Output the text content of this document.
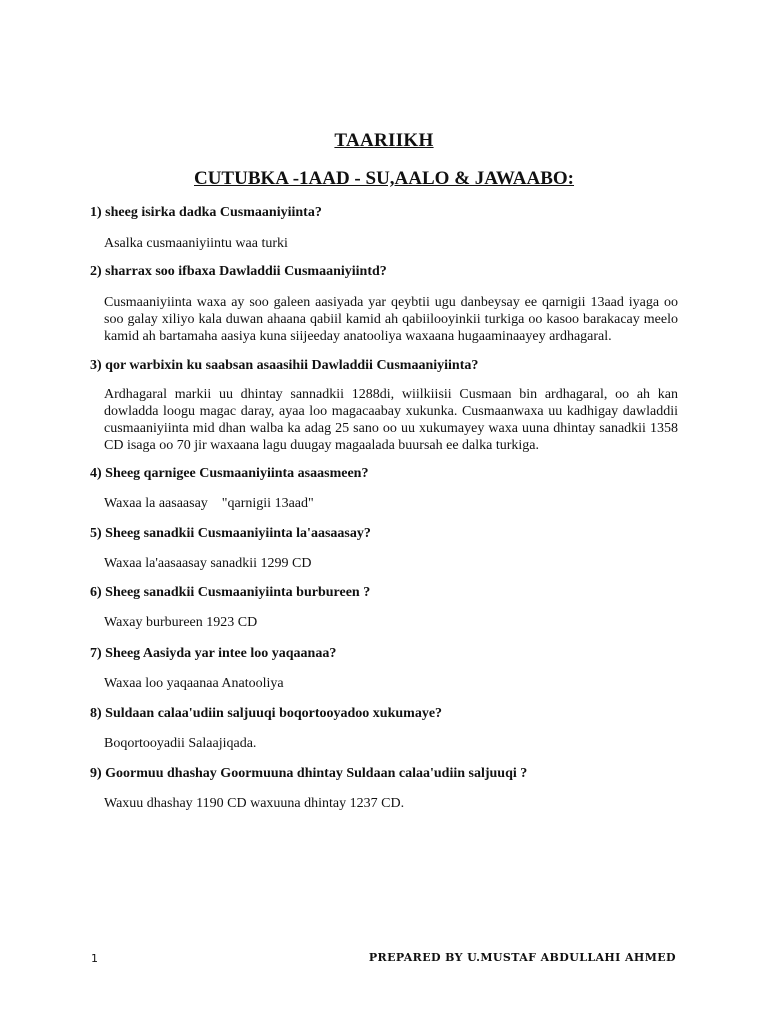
TAARIIKH
CUTUBKA -1AAD - SU,AALO & JAWAABO:

1) sheeg isirka dadka Cusmaaniyiinta?

Asalka cusmaaniyiintu waa turki

2) sharrax soo ifbaxa Dawladdii Cusmaaniyiintd?

Cusmaaniyiinta waxa ay soo galeen aasiyada yar qeybtii ugu danbeysay ee qarnigii 13aad iyaga oo soo galay xiliyo kala duwan ahaana qabiil kamid ah qabiilooyinkii turkiga oo kasoo barakacay meelo kamid ah bartamaha aasiya kuna siijeeday anatooliya waxaana hugaaminaayey ardhagaral.

3) qor warbixin ku saabsan asaasihii Dawladdii Cusmaaniyiinta?

Ardhagaral markii uu dhintay sannadkii 1288di, wiilkiisii Cusmaan bin ardhagaral, oo ah kan dowladda loogu magac daray, ayaa loo magacaabay xukunka. Cusmaanwaxa uu kadhigay dawladdii cusmaaniyiinta mid dhan walba ka adag 25 sano oo uu xukumayey waxa uuna dhintay sanadkii 1358 CD isaga oo 70 jir waxaana lagu duugay magaalada buursah ee dalka turkiga.

4) Sheeg qarnigee Cusmaaniyiinta asaasmeen?

Waxaa la aasaasay    "qarnigii 13aad"

5) Sheeg sanadkii Cusmaaniyiinta la'aasaasay?

Waxaa la'aasaasay sanadkii 1299 CD

6) Sheeg sanadkii Cusmaaniyiinta burbureen ?

Waxay burbureen 1923 CD

7) Sheeg Aasiyda yar intee loo yaqaanaa?

Waxaa loo yaqaanaa Anatooliya

8) Suldaan calaa'udiin saljuuqi boqortooyadoo xukumaye?

Boqortooyadii Salaajiqada.

9) Goormuu dhashay Goormuuna dhintay Suldaan calaa'udiin saljuuqi ?

Waxuu dhashay 1190 CD waxuuna dhintay 1237 CD.

1	PREPARED BY U.MUSTAF ABDULLAHI AHMED
